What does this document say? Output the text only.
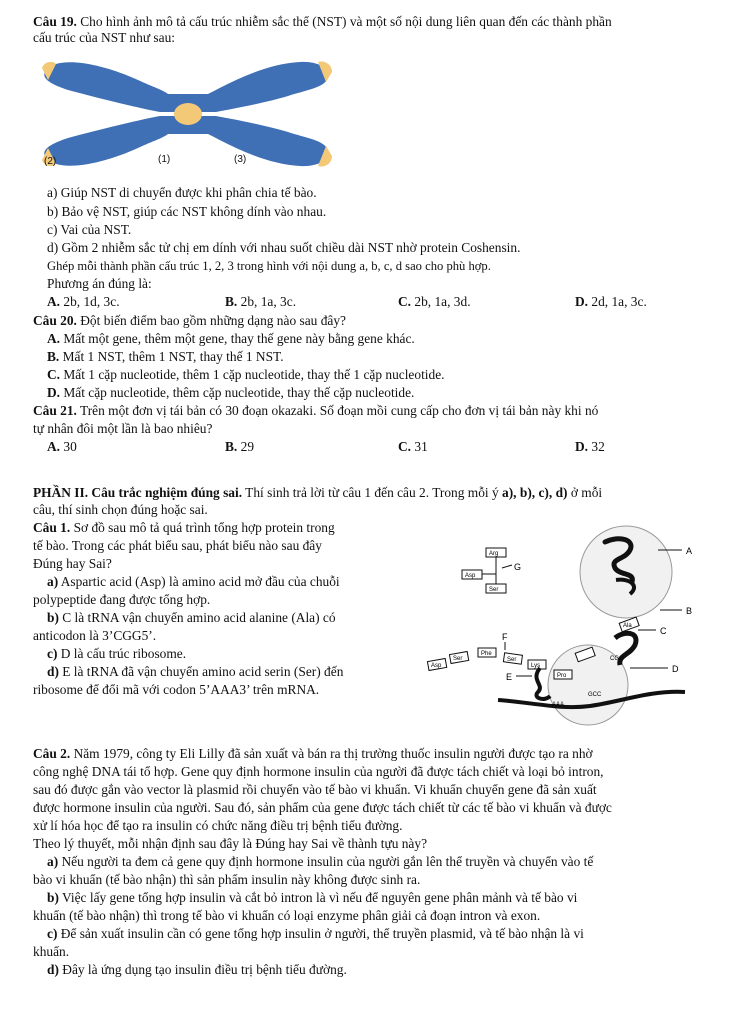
Câu 19. Cho hình ảnh mô tả cấu trúc nhiễm sắc thể (NST) và một số nội dung liên quan đến các thành phần
cấu trúc của NST như sau:
(2)	(1)	(3)
a) Giúp NST di chuyển được khi phân chia tế bào.
b) Bảo vệ NST, giúp các NST không dính vào nhau.
c) Vai của NST.
d) Gồm 2 nhiễm sắc tử chị em dính với nhau suốt chiều dài NST nhờ protein Coshensin.
Ghép mỗi thành phần cấu trúc 1, 2, 3 trong hình với nội dung a, b, c, d sao cho phù hợp.
Phương án đúng là:
A. 2b, 1d, 3c.	B. 2b, 1a, 3c.	C. 2b, 1a, 3d.	D. 2d, 1a, 3c.
Câu 20. Đột biến điểm bao gồm những dạng nào sau đây?
A. Mất một gene, thêm một gene, thay thế gene này bằng gene khác.
B. Mất 1 NST, thêm 1 NST, thay thế 1 NST.
C. Mất 1 cặp nucleotide, thêm 1 cặp nucleotide, thay thế 1 cặp nucleotide.
D. Mất cặp nucleotide, thêm cặp nucleotide, thay thế cặp nucleotide.
Câu 21. Trên một đơn vị tái bản có 30 đoạn okazaki. Số đoạn mồi cung cấp cho đơn vị tái bản này khi nó
tự nhân đôi một lần là bao nhiêu?
A. 30	B. 29	C. 31	D. 32
PHẦN II. Câu trắc nghiệm đúng sai. Thí sinh trả lời từ câu 1 đến câu 2. Trong mỗi ý a), b), c), d) ở mỗi
câu, thí sinh chọn đúng hoặc sai.
Câu 1. Sơ đồ sau mô tả quá trình tổng hợp protein trong
tế bào. Trong các phát biểu sau, phát biểu nào sau đây
Đúng hay Sai?
a) Aspartic acid (Asp) là amino acid mở đầu của chuỗi
polypeptide đang được tổng hợp.
b) C là tRNA vận chuyển amino acid alanine (Ala) có
anticodon là 3’CGG5’.
c) D là cấu trúc ribosome.
d) E là tRNA đã vận chuyển amino acid serin (Ser) đến
ribosome để đổi mã với codon 5’AAA3’ trên mRNA.
A
B
C
D
E
F
G
Arg
Asp
Ser
Asp
Ser
Phe
Ser
Lys
Pro
Ala
GCC
CGG
AAA
Câu 2. Năm 1979, công ty Eli Lilly đã sản xuất và bán ra thị trường thuốc insulin người được tạo ra nhờ
công nghệ DNA tái tổ hợp. Gene quy định hormone insulin của người đã được tách chiết và loại bỏ intron,
sau đó được gắn vào vector là plasmid rồi chuyển vào tế bào vi khuẩn. Vi khuẩn chuyển gene đã sản xuất
được hormone insulin của người. Sau đó, sản phẩm của gene được tách chiết từ các tế bào vi khuẩn và được
xử lí hóa học để tạo ra insulin có chức năng điều trị bệnh tiểu đường.
Theo lý thuyết, mỗi nhận định sau đây là Đúng hay Sai về thành tựu này?
a) Nếu người ta đem cả gene quy định hormone insulin của người gắn lên thể truyền và chuyển vào tế
bào vi khuẩn (tế bào nhận) thì sản phẩm insulin này không được sinh ra.
b) Việc lấy gene tổng hợp insulin và cắt bỏ intron là vì nếu để nguyên gene phân mảnh và tế bào vi
khuẩn (tế bào nhận) thì trong tế bào vi khuẩn có loại enzyme phân giải cả đoạn intron và exon.
c) Để sản xuất insulin cần có gene tổng hợp insulin ở người, thể truyền plasmid, và tế bào nhận là vi
khuẩn.
d) Đây là ứng dụng tạo insulin điều trị bệnh tiểu đường.
